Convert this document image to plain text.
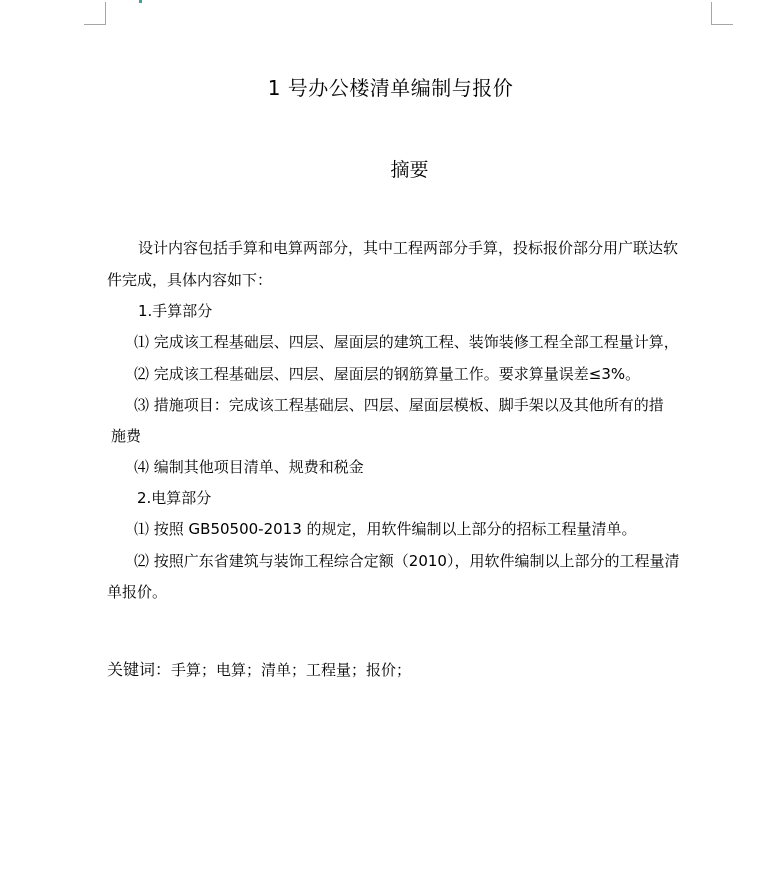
1 号办公楼清单编制与报价
摘要
设计内容包括手算和电算两部分，其中工程两部分手算，投标报价部分用广联达软
件完成，具体内容如下：
1.手算部分
⑴ 完成该工程基础层、四层、屋面层的建筑工程、装饰装修工程全部工程量计算，
⑵ 完成该工程基础层、四层、屋面层的钢筋算量工作。要求算量误差≤3%。
⑶ 措施项目：完成该工程基础层、四层、屋面层模板、脚手架以及其他所有的措
施费
⑷ 编制其他项目清单、规费和税金
2.电算部分
⑴ 按照 GB50500-2013 的规定，用软件编制以上部分的招标工程量清单。
⑵ 按照广东省建筑与装饰工程综合定额（2010），用软件编制以上部分的工程量清
单报价。
关键词：手算；电算；清单；工程量；报价；
